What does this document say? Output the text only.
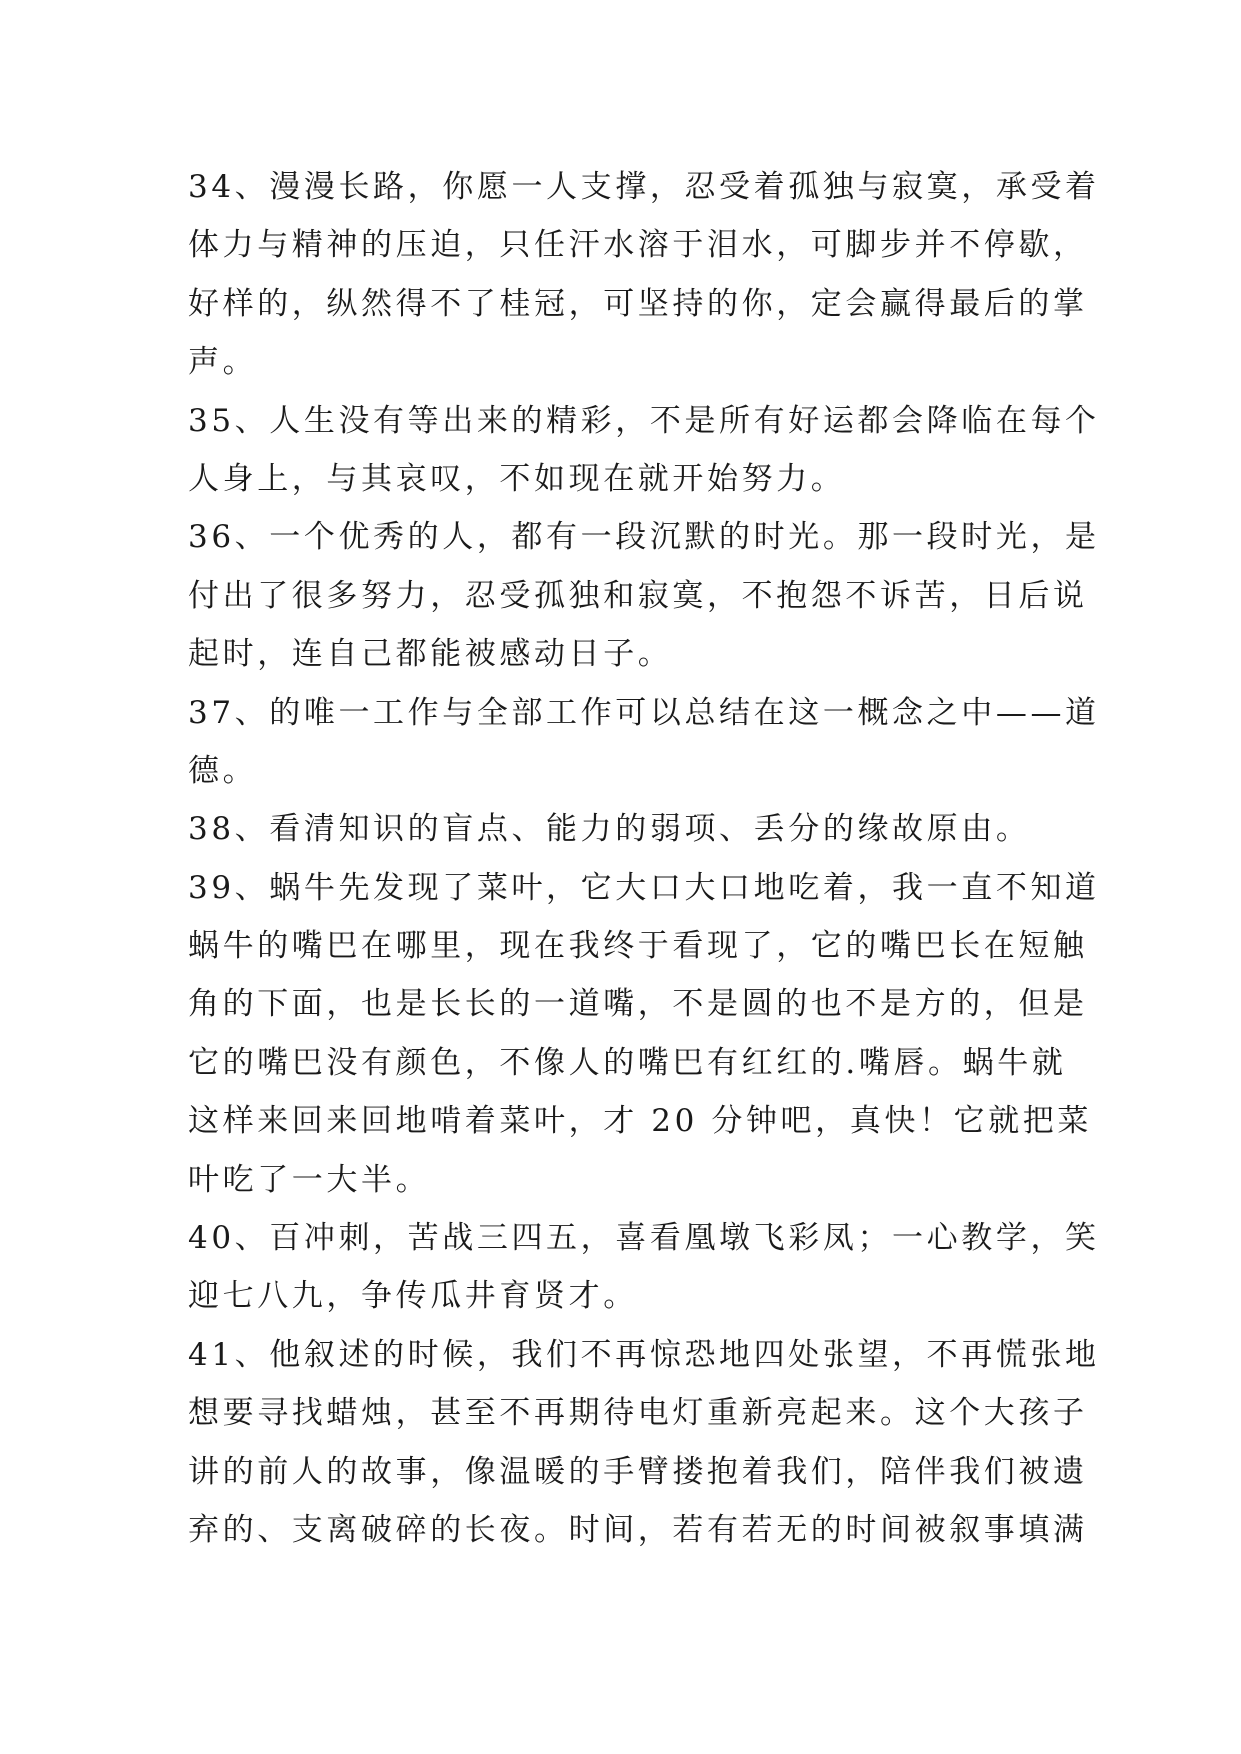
34、漫漫长路，你愿一人支撑，忍受着孤独与寂寞，承受着
体力与精神的压迫，只任汗水溶于泪水，可脚步并不停歇，
好样的，纵然得不了桂冠，可坚持的你，定会赢得最后的掌
声。
35、人生没有等出来的精彩，不是所有好运都会降临在每个
人身上，与其哀叹，不如现在就开始努力。
36、一个优秀的人，都有一段沉默的时光。那一段时光，是
付出了很多努力，忍受孤独和寂寞，不抱怨不诉苦，日后说
起时，连自己都能被感动日子。
37、的唯一工作与全部工作可以总结在这一概念之中——道
德。
38、看清知识的盲点、能力的弱项、丢分的缘故原由。
39、蜗牛先发现了菜叶，它大口大口地吃着，我一直不知道
蜗牛的嘴巴在哪里，现在我终于看现了，它的嘴巴长在短触
角的下面，也是长长的一道嘴，不是圆的也不是方的，但是
它的嘴巴没有颜色，不像人的嘴巴有红红的.嘴唇。蜗牛就
这样来回来回地啃着菜叶，才 20 分钟吧，真快！它就把菜
叶吃了一大半。
40、百冲刺，苦战三四五，喜看凰墩飞彩凤；一心教学，笑
迎七八九，争传瓜井育贤才。
41、他叙述的时候，我们不再惊恐地四处张望，不再慌张地
想要寻找蜡烛，甚至不再期待电灯重新亮起来。这个大孩子
讲的前人的故事，像温暖的手臂搂抱着我们，陪伴我们被遗
弃的、支离破碎的长夜。时间，若有若无的时间被叙事填满
